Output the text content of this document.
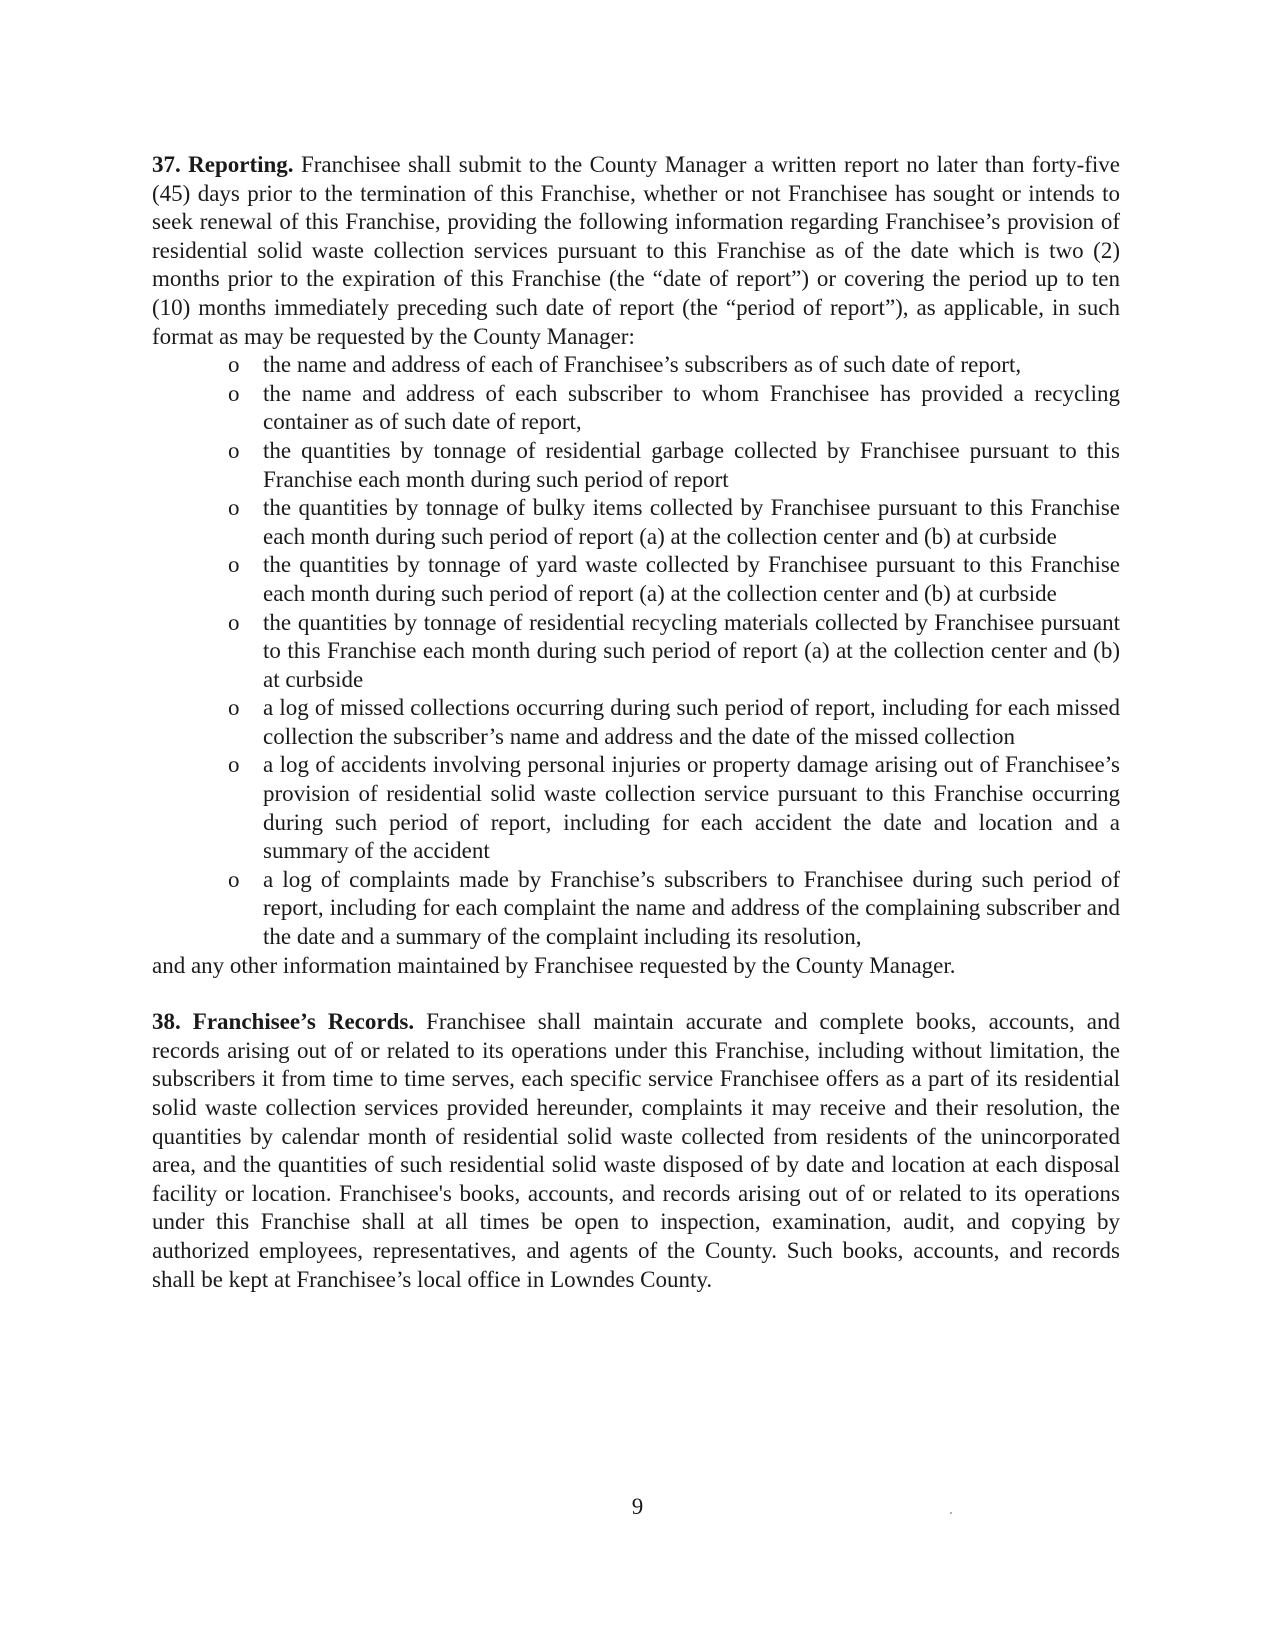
37. Reporting. Franchisee shall submit to the County Manager a written report no later than forty-five (45) days prior to the termination of this Franchise, whether or not Franchisee has sought or intends to seek renewal of this Franchise, providing the following information regarding Franchisee’s provision of residential solid waste collection services pursuant to this Franchise as of the date which is two (2) months prior to the expiration of this Franchise (the “date of report”) or covering the period up to ten (10) months immediately preceding such date of report (the “period of report”), as applicable, in such format as may be requested by the County Manager:

o the name and address of each of Franchisee’s subscribers as of such date of report,
o the name and address of each subscriber to whom Franchisee has provided a recycling container as of such date of report,
o the quantities by tonnage of residential garbage collected by Franchisee pursuant to this Franchise each month during such period of report
o the quantities by tonnage of bulky items collected by Franchisee pursuant to this Franchise each month during such period of report (a) at the collection center and (b) at curbside
o the quantities by tonnage of yard waste collected by Franchisee pursuant to this Franchise each month during such period of report (a) at the collection center and (b) at curbside
o the quantities by tonnage of residential recycling materials collected by Franchisee pursuant to this Franchise each month during such period of report (a) at the collection center and (b) at curbside
o a log of missed collections occurring during such period of report, including for each missed collection the subscriber’s name and address and the date of the missed collection
o a log of accidents involving personal injuries or property damage arising out of Franchisee’s provision of residential solid waste collection service pursuant to this Franchise occurring during such period of report, including for each accident the date and location and a summary of the accident
o a log of complaints made by Franchise’s subscribers to Franchisee during such period of report, including for each complaint the name and address of the complaining subscriber and the date and a summary of the complaint including its resolution,

and any other information maintained by Franchisee requested by the County Manager.

38. Franchisee’s Records. Franchisee shall maintain accurate and complete books, accounts, and records arising out of or related to its operations under this Franchise, including without limitation, the subscribers it from time to time serves, each specific service Franchisee offers as a part of its residential solid waste collection services provided hereunder, complaints it may receive and their resolution, the quantities by calendar month of residential solid waste collected from residents of the unincorporated area, and the quantities of such residential solid waste disposed of by date and location at each disposal facility or location. Franchisee's books, accounts, and records arising out of or related to its operations under this Franchise shall at all times be open to inspection, examination, audit, and copying by authorized employees, representatives, and agents of the County. Such books, accounts, and records shall be kept at Franchisee’s local office in Lowndes County.

9
